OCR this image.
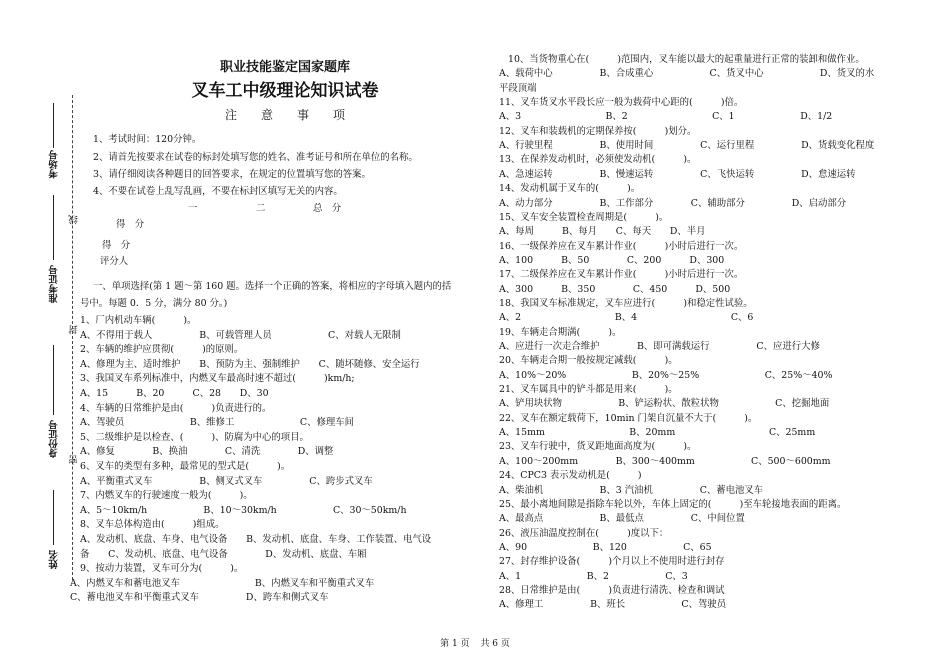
考场号
线
准考证号
封
身份证号
密
姓名
职业技能鉴定国家题库
叉车工中级理论知识试卷
注　　意　　事　　项
1、考试时间：120分钟。
2、请首先按要求在试卷的标封处填写您的姓名、准考证号和所在单位的名称。
3、请仔细阅读各种题目的回答要求，在规定的位置填写您的答案。
4、不要在试卷上乱写乱画，不要在标封区填写无关的内容。
一	二	总　分
得　分
得　分
评分人
一、单项选择(第 1 题～第 160 题。选择一个正确的答案，将相应的字母填入题内的括
号中。每题 0．5 分，满分 80 分。)
1、厂内机动车辆(　　　)。
A、不得用于载人　　　　　B、可载管理人员　　　　　　C、对载人无限制
2、车辆的维护应贯彻(　　　)的原则。
A、修理为主、适时维护　　B、预防为主、强制维护　　C、随坏随修、安全运行
3、我国叉车系列标准中，内燃叉车最高时速不超过(　　　)km/h;
A、15　　　B、20　　　C、28　　D、30
4、车辆的日常维护是由(　　　)负责进行的。
A、驾驶员　　　　　　　B、维修工　　　　　　　C、修理车间
5、二级维护是以检查、(　　　)、防腐为中心的项目。
A、修复　　　　B、换油　　　　C、清洗　　　　D、调整
6、叉车的类型有多种，最常见的型式是(　　　)。
A、平衡重式叉车　　　　　B、侧叉式叉车　　　　　C、跨步式叉车
7、内燃叉车的行驶速度一般为(　　　)。
A、5～10km/h　　　　　　B、10～30km/h　　　　　　C、30～50km/h
8、叉车总体构造由(　　　)组成。
A、发动机、底盘、车身、电气设备　　B、发动机、底盘、车身、工作装置、电气设
备　　C、发动机、底盘、电气设备　　　　D、发动机、底盘、车厢
9、按动力装置，叉车可分为(　　　)。
A、内燃叉车和蓄电池叉车　　　　　　　　B、内燃叉车和平衡重式叉车
C、蓄电池叉车和平衡重式叉车　　　　　D、跨车和侧式叉车
10、当货物重心在(　　　)范围内，叉车能以最大的起重量进行正常的装卸和做作业。
A、载荷中心　　　　　B、合成重心　　　　　　C、货叉中心　　　　　　D、货叉的水
平段顶端
11、叉车货叉水平段长应一般为载荷中心距的(　　　)倍。
A、3　　　　　　　　　B、2　　　　　　　　　C、1　　　　　　　D、1/2
12、叉车和装载机的定期保养按(　　　)划分。
A、行驶里程　　　　　B、使用时间　　　　　C、运行里程　　　　　D、货载变化程度
13、在保养发动机时，必须使发动机(　　　)。
A、急速运转　　　　　B、慢速运转　　　　　C、飞快运转　　　　　D、怠速运转
14、发动机属于叉车的(　　　)。
A、动力部分　　　　　B、工作部分　　　　C、辅助部分　　　　　D、启动部分
15、叉车安全装置检查周期是(　　　)。
A、每周　　　B、每月　　C、每天　　D、半月
16、一级保养应在叉车累计作业(　　　)小时后进行一次。
A、100　　　B、50　　　　C、200　　　D、300
17、二级保养应在叉车累计作业(　　　)小时后进行一次。
A、300　　　B、350　　　　C、450　　　D、500
18、我国叉车标准规定，叉车应进行(　　　)和稳定性试验。
A、2　　　　　　　　　　B、4　　　　　　　　　　C、6
19、车辆走合期满(　　　)。
A、应进行一次走合维护　　　　B、即可满载运行　　　　　C、应进行大修
20、车辆走合期一般按规定减载(　　　)。
A、10%～20%　　　　　　　B、20%～25%　　　　　　　C、25%～40%
21、叉车属具中的铲斗都是用来(　　　)。
A、铲用块状物　　　　　　B、铲运粉状、散粒状物　　　　　　C、挖掘地面
22、叉车在额定载荷下，10min 门架自沉量不大于(　　　)。
A、15mm　　　　　　　　　B、20mm　　　　　　　　　　C、25mm
23、叉车行驶中，货叉距地面高度为(　　　)。
A、100～200mm　　　　B、300～400mm　　　　　　C、500～600mm
24、CPC3 表示发动机是(　　　)
A、柴油机　　　　　　B、3 汽油机　　　　　C、蓄电池叉车
25、最小离地间隙是指除车轮以外，车体上固定的(　　　)至车轮接地表面的距离。
A、最高点　　　　　　B、最低点　　　　　C、中间位置
26、液压油温度控制在(　　　)度以下：
A、90　　　　　　　B、120　　　　　　C、65
27、封存维护设备(　　　)个月以上不使用时进行封存
A、1　　　　　　　B、2　　　　　　C、3
28、日常维护是由(　　　)负责进行清洗、检查和调试
A、修理工　　　　　B、班长　　　　　　C、驾驶员
第 1 页 共 6 页
